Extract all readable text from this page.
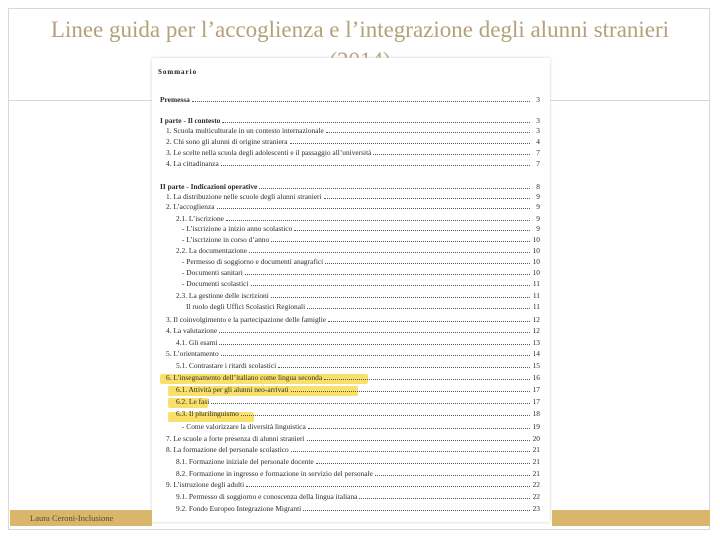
Linee guida per l’accoglienza e l’integrazione degli alunni stranieri
Sommario
Premessa	3
I parte - Il contesto	3
1. Scuola multiculturale in un contesto internazionale	3
2. Chi sono gli alunni di origine straniera	4
3. Le scelte nella scuola degli adolescenti e il passaggio all’università	7
4. La cittadinanza	7
II parte - Indicazioni operative	8
1. La distribuzione nelle scuole degli alunni stranieri	9
2. L’accoglienza	9
2.1. L’iscrizione	9
- L’iscrizione a inizio anno scolastico	9
- L’iscrizione in corso d’anno	10
2.2. La documentazione	10
- Permesso di soggiorno e documenti anagrafici	10
- Documenti sanitari	10
- Documenti scolastici	11
2.3. La gestione delle iscrizioni	11
Il ruolo degli Uffici Scolastici Regionali	11
3. Il coinvolgimento e la partecipazione delle famiglie	12
4. La valutazione	12
4.1. Gli esami	13
5. L’orientamento	14
5.1. Contrastare i ritardi scolastici	15
6. L’insegnamento dell’italiano come lingua seconda	16
6.1. Attività per gli alunni neo-arrivati	17
6.2. Le fasi	17
6.3. Il plurilinguismo	18
- Come valorizzare la diversità linguistica	19
7. Le scuole a forte presenza di alunni stranieri	20
8. La formazione del personale scolastico	21
8.1. Formazione iniziale del personale docente	21
8.2. Formazione in ingresso e formazione in servizio del personale	21
9. L’istruzione degli adulti	22
9.1. Permesso di soggiorno e conoscenza della lingua italiana	22
9.2. Fondo Europeo Integrazione Migranti	23
Laura Ceroni-Inclusione
